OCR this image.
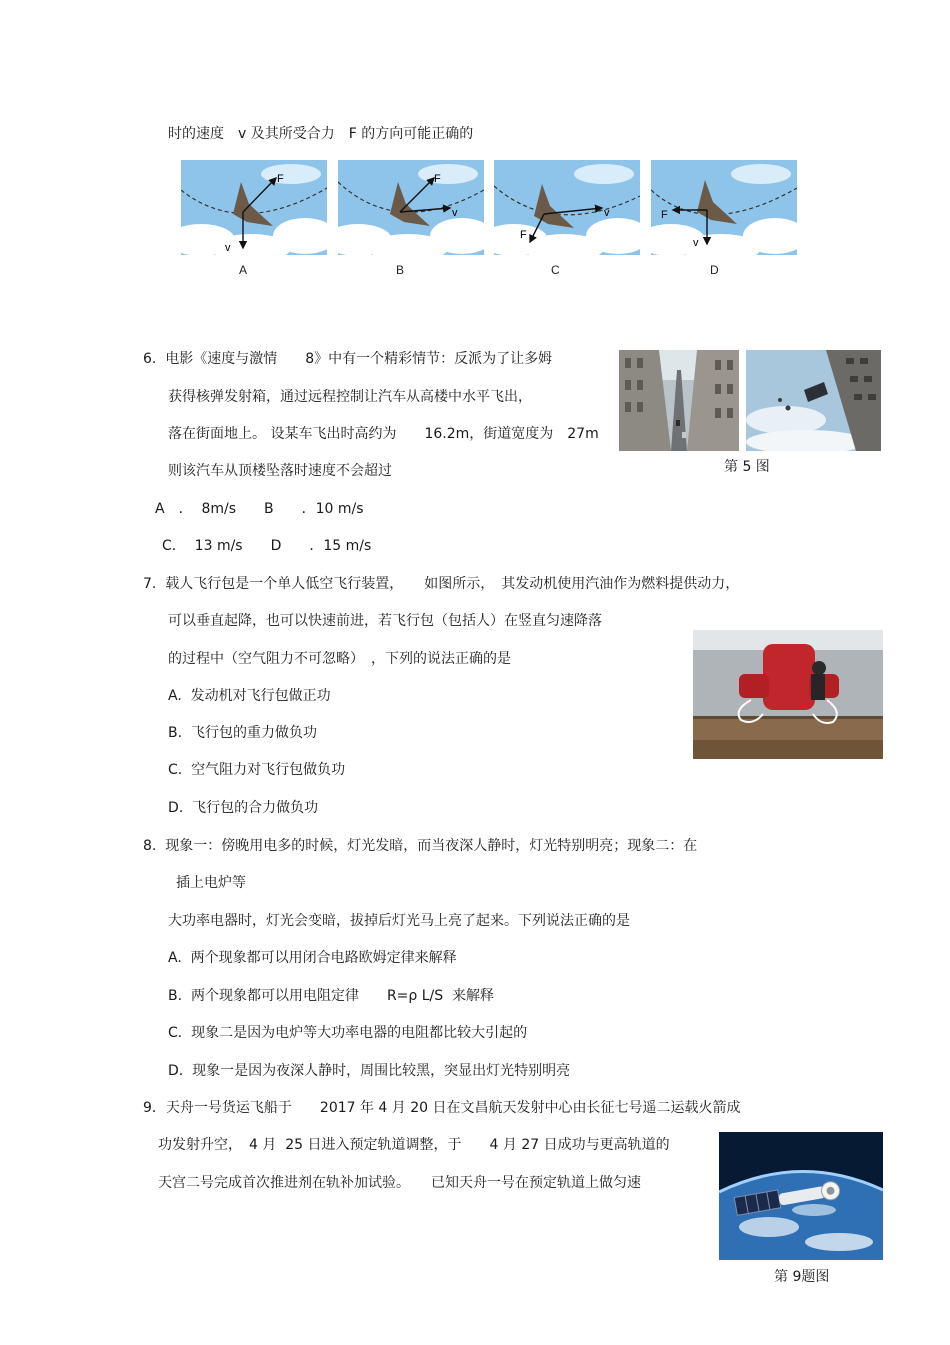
时的速度　v 及其所受合力　F 的方向可能正确的
F
v
A
F
v
B
F
v
C
F
v
D
6.  电影《速度与激情　　8》中有一个精彩情节：反派为了让多姆
获得核弹发射箱，通过远程控制让汽车从高楼中水平飞出，
落在街面地上。 设某车飞出时高约为　　16.2m，街道宽度为　27m
则该汽车从顶楼坠落时速度不会超过
A　．  8m/s　　B　　．10 m/s
C．  13 m/s　　D　　．15 m/s
第 5 图
7.  载人飞行包是一个单人低空飞行装置，　　如图所示，　其发动机使用汽油作为燃料提供动力，
可以垂直起降，也可以快速前进，若飞行包（包括人）在竖直匀速降落
的过程中（空气阻力不可忽略）　，下列的说法正确的是
A.  发动机对飞行包做正功
B.  飞行包的重力做负功
C.  空气阻力对飞行包做负功
D.  飞行包的合力做负功
8.  现象一：傍晚用电多的时候，灯光发暗，而当夜深人静时，灯光特别明亮；现象二：在
插上电炉等
大功率电器时，灯光会变暗，拔掉后灯光马上亮了起来。下列说法正确的是
A.  两个现象都可以用闭合电路欧姆定律来解释
B.  两个现象都可以用电阻定律　　R=ρ L/S  来解释
C.  现象二是因为电炉等大功率电器的电阻都比较大引起的
D.  现象一是因为夜深人静时，周围比较黑，突显出灯光特别明亮
9．天舟一号货运飞船于　　2017 年 4 月 20 日在文昌航天发射中心由长征七号遥二运载火箭成
功发射升空，　4 月  25 日进入预定轨道调整，于　　4 月 27 日成功与更高轨道的
天宫二号完成首次推进剂在轨补加试验。　　已知天舟一号在预定轨道上做匀速
第 9题图
